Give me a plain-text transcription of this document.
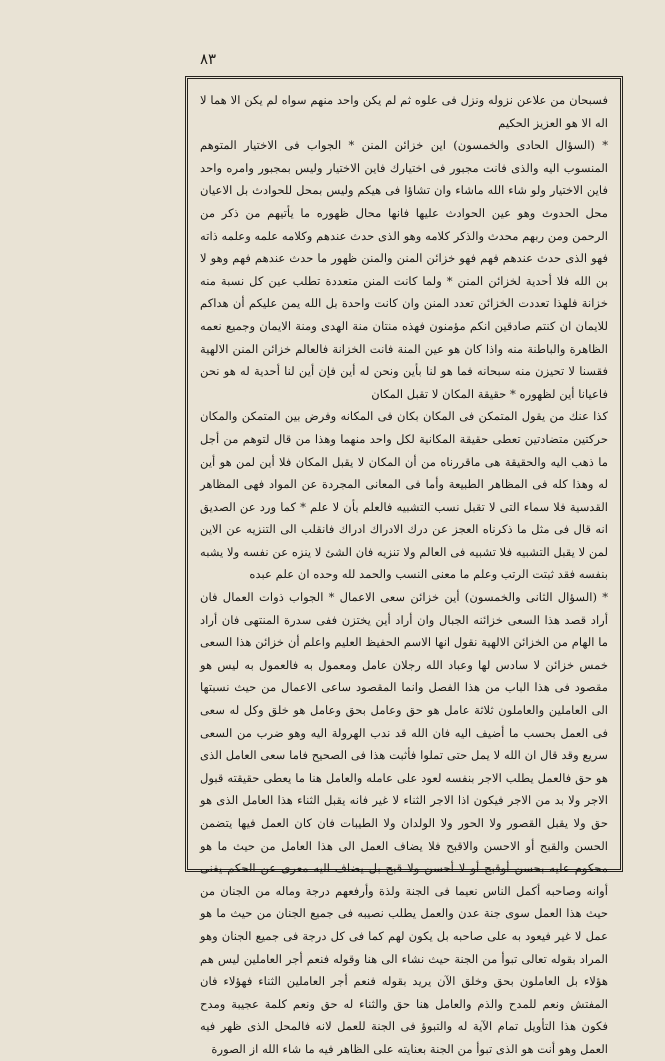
٨٣

فسبحان من علاعن نزوله ونزل فى علوه ثم لم يكن واحد منهم سواه لم يكن الا هما لا اله الا هو العزيز الحكيم

* (السؤال الحادى والخمسون) اين خزائن المنن * الجواب فى الاختيار المتوهم المنسوب اليه والذى فانت مجبور فى اختيارك فاين الاختيار وليس بمجبور وامره واحد فاين الاختيار ولو شاء الله ماشاء وان تشاؤا فى هيكم وليس بمحل للحوادث بل الاعيان محل الحدوث وهو عين الحوادث عليها فانها محال ظهوره ما يأتيهم من ذكر من الرحمن ومن ربهم محدث والذكر كلامه وهو الذى حدث عندهم وكلامه علمه وعلمه ذاته فهو الذى حدث عندهم فهم فهو خزائن المنن والمنن ظهور ما حدث عندهم فهم وهو لا بن الله فلا أحدية لخزائن المنن * ولما كانت المنن متعددة تطلب عين كل نسبة منه خزانة فلهذا تعددت الخزائن تعدد المنن وان كانت واحدة بل الله يمن عليكم أن هداكم للايمان ان كنتم صادقين انكم مؤمنون فهذه منتان منة الهدى ومنة الايمان وجميع نعمه الظاهرة والباطنة منه واذا كان هو عين المنة فانت الخزانة فالعالم خزائن المنن الالهية فقسنا لا تحيزن منه سبحانه فما هو لنا بأين ونحن له أين فإن أين لنا أحدية له هو نحن فاعيانا أين لظهوره * حقيقة المكان لا تقبل المكان

كذا عنك من يقول المتمكن فى المكان بكان فى المكانه وفرض بين المتمكن والمكان حركتين متضادتين تعطى حقيقة المكانية لكل واحد منهما وهذا من قال لتوهم من أجل ما ذهب اليه والحقيقة هى ماقررناه من أن المكان لا يقبل المكان فلا أين لمن هو أين له وهذا كله فى المظاهر الطبيعة وأما فى المعانى المجردة عن المواد فهى المظاهر القدسية فلا سماء التى لا تقبل نسب التشبيه فالعلم بأن لا علم * كما ورد عن الصديق انه قال فى مثل ما ذكرناه العجز عن درك الادراك ادراك فانقلب الى التنزيه عن الاين لمن لا يقبل التشبيه فلا تشبيه فى العالم ولا تنزيه فان الشئ لا ينزه عن نفسه ولا يشبه بنفسه فقد ثبتت الرتب وعلم ما معنى النسب والحمد لله وحده ان علم عبده

* (السؤال الثانى والخمسون) أين خزائن سعى الاعمال * الجواب ذوات العمال فان أراد قصد هذا السعى خزائنه الجبال وان أراد أين يختزن ففى سدرة المنتهى فان أراد ما الهام من الخزائن الالهية نقول انها الاسم الحفيظ العليم واعلم أن خزائن هذا السعى خمس خزائن لا سادس لها وعباد الله رجلان عامل ومعمول به فالعمول به ليس هو مقصود فى هذا الباب من هذا الفصل وانما المقصود ساعى الاعمال من حيث نسبتها الى العاملين والعاملون ثلاثة عامل هو حق وعامل بحق وعامل هو خلق وكل له سعى فى العمل بحسب ما أضيف اليه فان الله قد ندب الهرولة اليه وهو ضرب من السعى سريع وقد قال ان الله لا يمل حتى تملوا فأثبت هذا فى الصحيح فاما سعى العامل الذى هو حق فالعمل يطلب الاجر بنفسه لعود على عامله والعامل هنا ما يعطى حقيقته قبول الاجر ولا بد من الاجر فيكون اذا الاجر الثناء لا غير فانه يقبل الثناء هذا العامل الذى هو حق ولا يقبل القصور ولا الحور ولا الولدان ولا الطيبات فان كان العمل فيها يتضمن الحسن والقبح أو الاحسن والاقبح فلا يضاف العمل الى هذا العامل من حيث ما هو محكوم عليه بحسن أوقبح أو لا أحسن ولا قبح بل يضاف اليه معرى عن الحكم يفنى أوانه وصاحبه أكمل الناس نعيما فى الجنة ولذة وأرفعهم درجة وماله من الجنان من حيث هذا العمل سوى جنة عدن والعمل يطلب نصيبه فى جميع الجنان من حيث ما هو عمل لا غير فيعود به على صاحبه بل يكون لهم كما فى كل درجة فى جميع الجنان وهو المراد بقوله تعالى تبوأ من الجنة حيث نشاء الى هنا وقوله فنعم أجر العاملين ليس هم هؤلاء بل العاملون بحق وخلق الآن يريد بقوله فنعم أجر العاملين الثناء فهؤلاء فان المفتش ونعم للمدح والذم والعامل هنا حق والثناء له حق ونعم كلمة عجيبة ومدح فكون هذا التأويل تمام الآية له والتبوؤ فى الجنة للعمل لانه فالمحل الذى ظهر فيه العمل وهو أنت هو الذى تبوأ من الجنة بعنايته على الظاهر فيه ما شاء الله از الصورة
